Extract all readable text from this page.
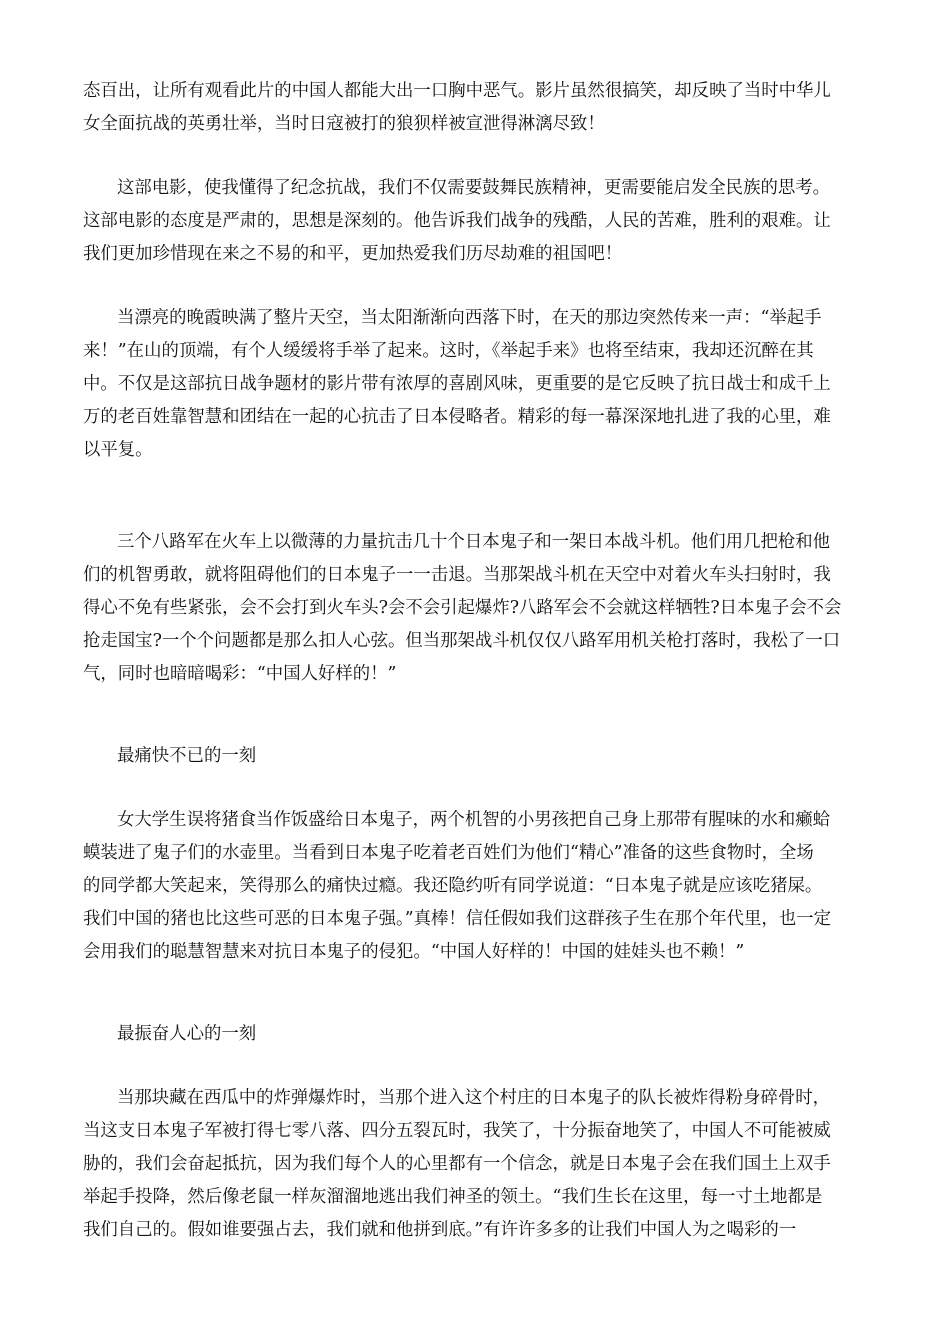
态百出，让所有观看此片的中国人都能大出一口胸中恶气。影片虽然很搞笑，却反映了当时中华儿
女全面抗战的英勇壮举，当时日寇被打的狼狈样被宣泄得淋漓尽致！
这部电影，使我懂得了纪念抗战，我们不仅需要鼓舞民族精神，更需要能启发全民族的思考。
这部电影的态度是严肃的，思想是深刻的。他告诉我们战争的残酷，人民的苦难，胜利的艰难。让
我们更加珍惜现在来之不易的和平，更加热爱我们历尽劫难的祖国吧！
当漂亮的晚霞映满了整片天空，当太阳渐渐向西落下时，在天的那边突然传来一声：“举起手
来！”在山的顶端，有个人缓缓将手举了起来。这时，《举起手来》也将至结束，我却还沉醉在其
中。不仅是这部抗日战争题材的影片带有浓厚的喜剧风味，更重要的是它反映了抗日战士和成千上
万的老百姓靠智慧和团结在一起的心抗击了日本侵略者。精彩的每一幕深深地扎进了我的心里，难
以平复。
三个八路军在火车上以微薄的力量抗击几十个日本鬼子和一架日本战斗机。他们用几把枪和他
们的机智勇敢，就将阻碍他们的日本鬼子一一击退。当那架战斗机在天空中对着火车头扫射时，我
得心不免有些紧张，会不会打到火车头?会不会引起爆炸?八路军会不会就这样牺牲?日本鬼子会不会
抢走国宝?一个个问题都是那么扣人心弦。但当那架战斗机仅仅八路军用机关枪打落时，我松了一口
气，同时也暗暗喝彩：“中国人好样的！”
最痛快不已的一刻
女大学生误将猪食当作饭盛给日本鬼子，两个机智的小男孩把自己身上那带有腥味的水和癞蛤
蟆装进了鬼子们的水壶里。当看到日本鬼子吃着老百姓们为他们“精心”准备的这些食物时，全场
的同学都大笑起来，笑得那么的痛快过瘾。我还隐约听有同学说道：“日本鬼子就是应该吃猪屎。
我们中国的猪也比这些可恶的日本鬼子强。”真棒！信任假如我们这群孩子生在那个年代里，也一定
会用我们的聪慧智慧来对抗日本鬼子的侵犯。“中国人好样的！中国的娃娃头也不赖！”
最振奋人心的一刻
当那块藏在西瓜中的炸弹爆炸时，当那个进入这个村庄的日本鬼子的队长被炸得粉身碎骨时，
当这支日本鬼子军被打得七零八落、四分五裂瓦时，我笑了，十分振奋地笑了，中国人不可能被威
胁的，我们会奋起抵抗，因为我们每个人的心里都有一个信念，就是日本鬼子会在我们国土上双手
举起手投降，然后像老鼠一样灰溜溜地逃出我们神圣的领土。“我们生长在这里，每一寸土地都是
我们自己的。假如谁要强占去，我们就和他拼到底。”有许许多多的让我们中国人为之喝彩的一
